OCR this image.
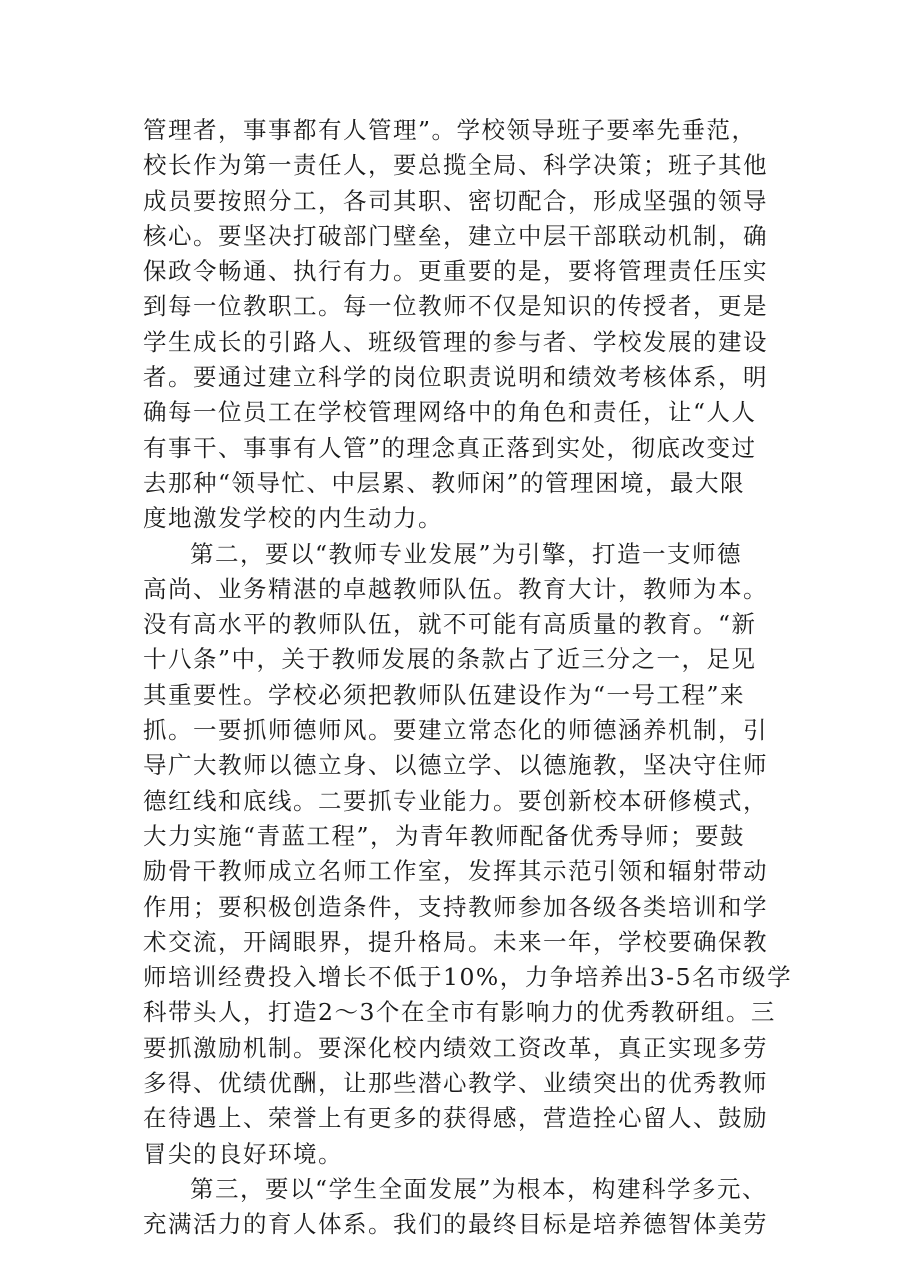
管理者，事事都有人管理”。学校领导班子要率先垂范，
校长作为第一责任人，要总揽全局、科学决策；班子其他
成员要按照分工，各司其职、密切配合，形成坚强的领导
核心。要坚决打破部门壁垒，建立中层干部联动机制，确
保政令畅通、执行有力。更重要的是，要将管理责任压实
到每一位教职工。每一位教师不仅是知识的传授者，更是
学生成长的引路人、班级管理的参与者、学校发展的建设
者。要通过建立科学的岗位职责说明和绩效考核体系，明
确每一位员工在学校管理网络中的角色和责任，让“人人
有事干、事事有人管”的理念真正落到实处，彻底改变过
去那种“领导忙、中层累、教师闲”的管理困境，最大限
度地激发学校的内生动力。
第二，要以“教师专业发展”为引擎，打造一支师德
高尚、业务精湛的卓越教师队伍。教育大计，教师为本。
没有高水平的教师队伍，就不可能有高质量的教育。“新
十八条”中，关于教师发展的条款占了近三分之一，足见
其重要性。学校必须把教师队伍建设作为“一号工程”来
抓。一要抓师德师风。要建立常态化的师德涵养机制，引
导广大教师以德立身、以德立学、以德施教，坚决守住师
德红线和底线。二要抓专业能力。要创新校本研修模式，
大力实施“青蓝工程”，为青年教师配备优秀导师；要鼓
励骨干教师成立名师工作室，发挥其示范引领和辐射带动
作用；要积极创造条件，支持教师参加各级各类培训和学
术交流，开阔眼界，提升格局。未来一年，学校要确保教
师培训经费投入增长不低于10%，力争培养出3-5名市级学
科带头人，打造2～3个在全市有影响力的优秀教研组。三
要抓激励机制。要深化校内绩效工资改革，真正实现多劳
多得、优绩优酬，让那些潜心教学、业绩突出的优秀教师
在待遇上、荣誉上有更多的获得感，营造拴心留人、鼓励
冒尖的良好环境。
第三，要以“学生全面发展”为根本，构建科学多元、
充满活力的育人体系。我们的最终目标是培养德智体美劳
